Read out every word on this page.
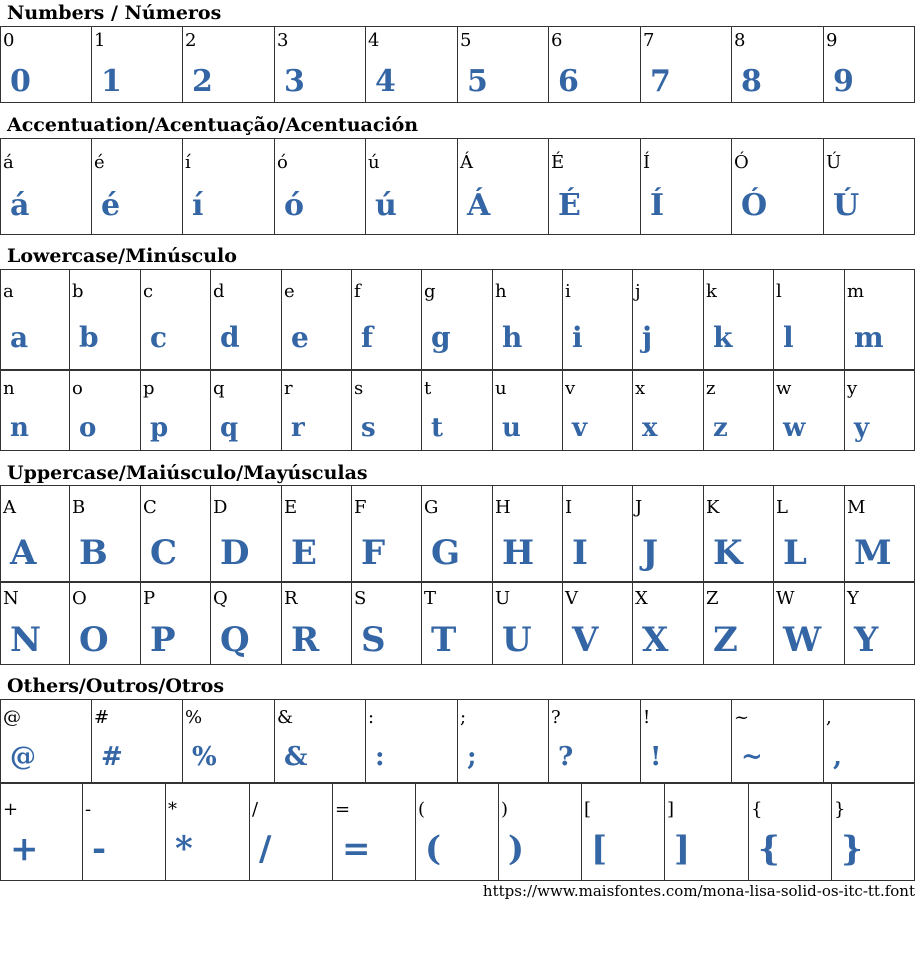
Numbers / Números
0
0
1
1
2
2
3
3
4
4
5
5
6
6
7
7
8
8
9
9
Accentuation/Acentuação/Acentuación
á
á
é
é
í
í
ó
ó
ú
ú
Á
Á
É
É
Í
Í
Ó
Ó
Ú
Ú
Lowercase/Minúsculo
a
a
b
b
c
c
d
d
e
e
f
f
g
g
h
h
i
i
j
j
k
k
l
l
m
m
n
n
o
o
p
p
q
q
r
r
s
s
t
t
u
u
v
v
x
x
z
z
w
w
y
y
Uppercase/Maiúsculo/Mayúsculas
A
A
B
B
C
C
D
D
E
E
F
F
G
G
H
H
I
I
J
J
K
K
L
L
M
M
N
N
O
O
P
P
Q
Q
R
R
S
S
T
T
U
U
V
V
X
X
Z
Z
W
W
Y
Y
Others/Outros/Otros
@
@
#
#
%
%
&
&
:
:
;
;
?
?
!
!
~
~
,
,
+
+
-
-
*
*
/
/
=
=
(
(
)
)
[
[
]
]
{
{
}
}
https://www.maisfontes.com/mona-lisa-solid-os-itc-tt.font
